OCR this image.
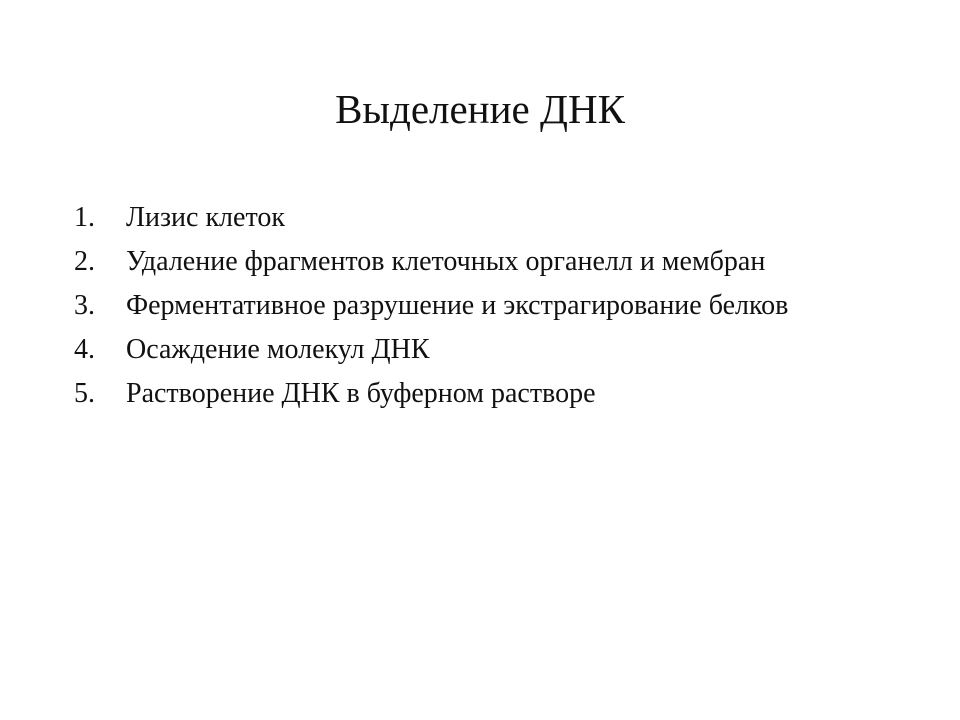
Выделение ДНК
1.	Лизис клеток
2.	Удаление фрагментов клеточных органелл и мембран
3.	Ферментативное разрушение и экстрагирование белков
4.	Осаждение молекул ДНК
5.	Растворение ДНК в буферном растворе
